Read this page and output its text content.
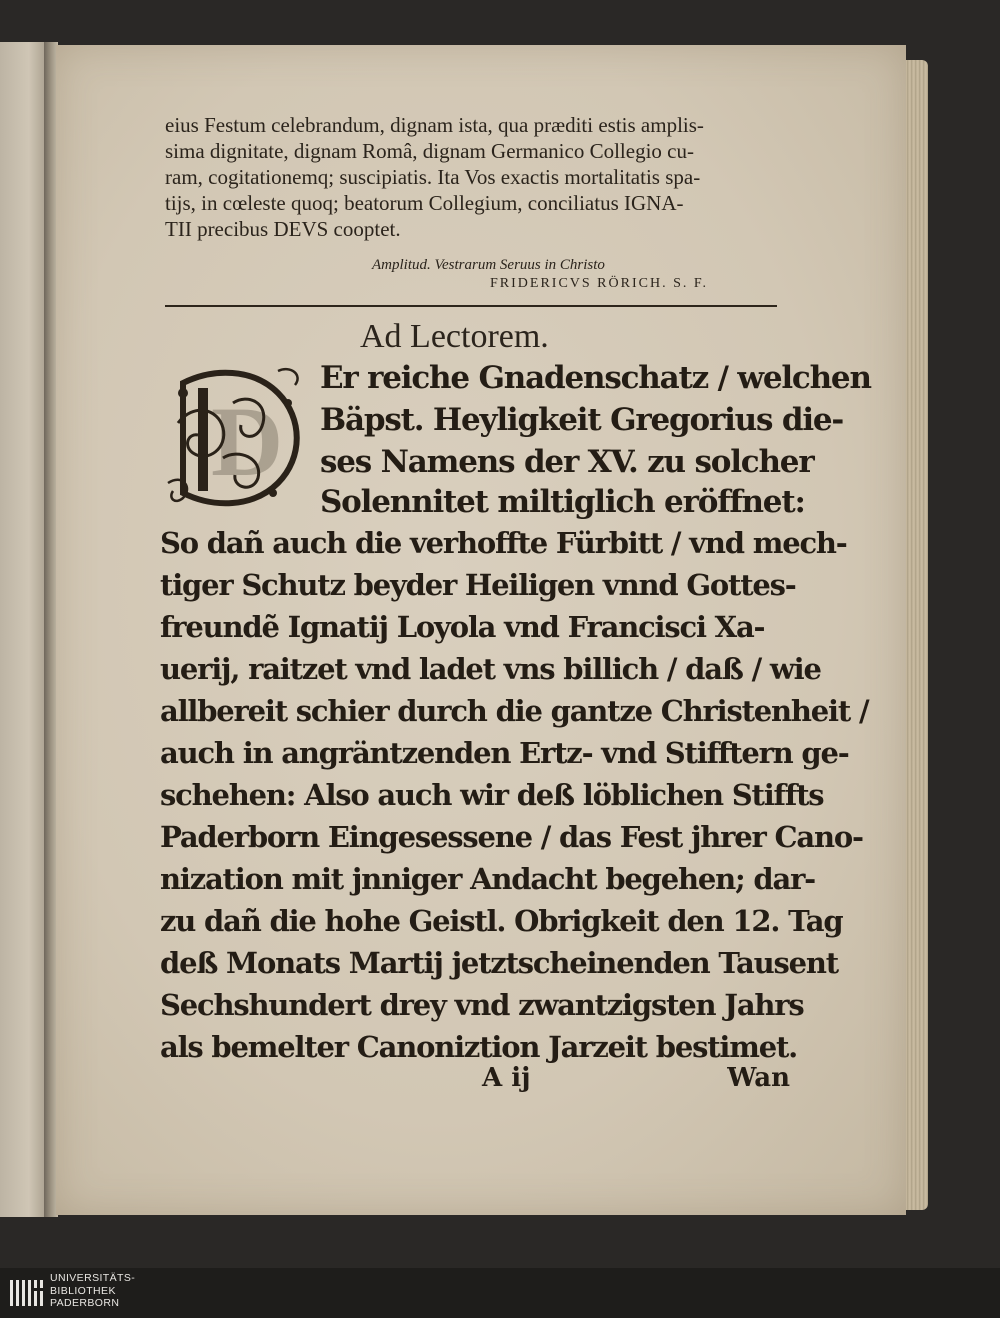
eius Festum celebrandum, dignam ista, qua præditi estis amplis-
sima dignitate, dignam Româ, dignam Germanico Collegio cu-
ram, cogitationemq; suscipiatis. Ita Vos exactis mortalitatis spa-
tijs, in cœleste quoq; beatorum Collegium, conciliatus IGNA-
TII precibus DEVS cooptet.
Amplitud. Vestrarum Seruus in Christo
FRIDERICVS RÖRICH. S. F.
Ad Lectorem.
D
Er reiche Gnadenschatz / welchen
Bäpst. Heyligkeit Gregorius die-
ses Namens der XV. zu solcher
Solennitet miltiglich eröffnet:
So dañ auch die verhoffte Fürbitt / vnd mech-
tiger Schutz beyder Heiligen vnnd Gottes-
freundẽ Ignatij Loyola vnd Francisci Xa-
uerij, raitzet vnd ladet vns billich / daß / wie
allbereit schier durch die gantze Christenheit /
auch in angräntzenden Ertz- vnd Stifftern ge-
schehen: Also auch wir deß löblichen Stiffts
Paderborn Eingesessene / das Fest jhrer Cano-
nization mit jnniger Andacht begehen; dar-
zu dañ die hohe Geistl. Obrigkeit den 12. Tag
deß Monats Martij jetztscheinenden Tausent
Sechshundert drey vnd zwantzigsten Jahrs
als bemelter Canoniztion Jarzeit bestimet.
A ij	Wan
UNIVERSITÄTS-
BIBLIOTHEK
PADERBORN
